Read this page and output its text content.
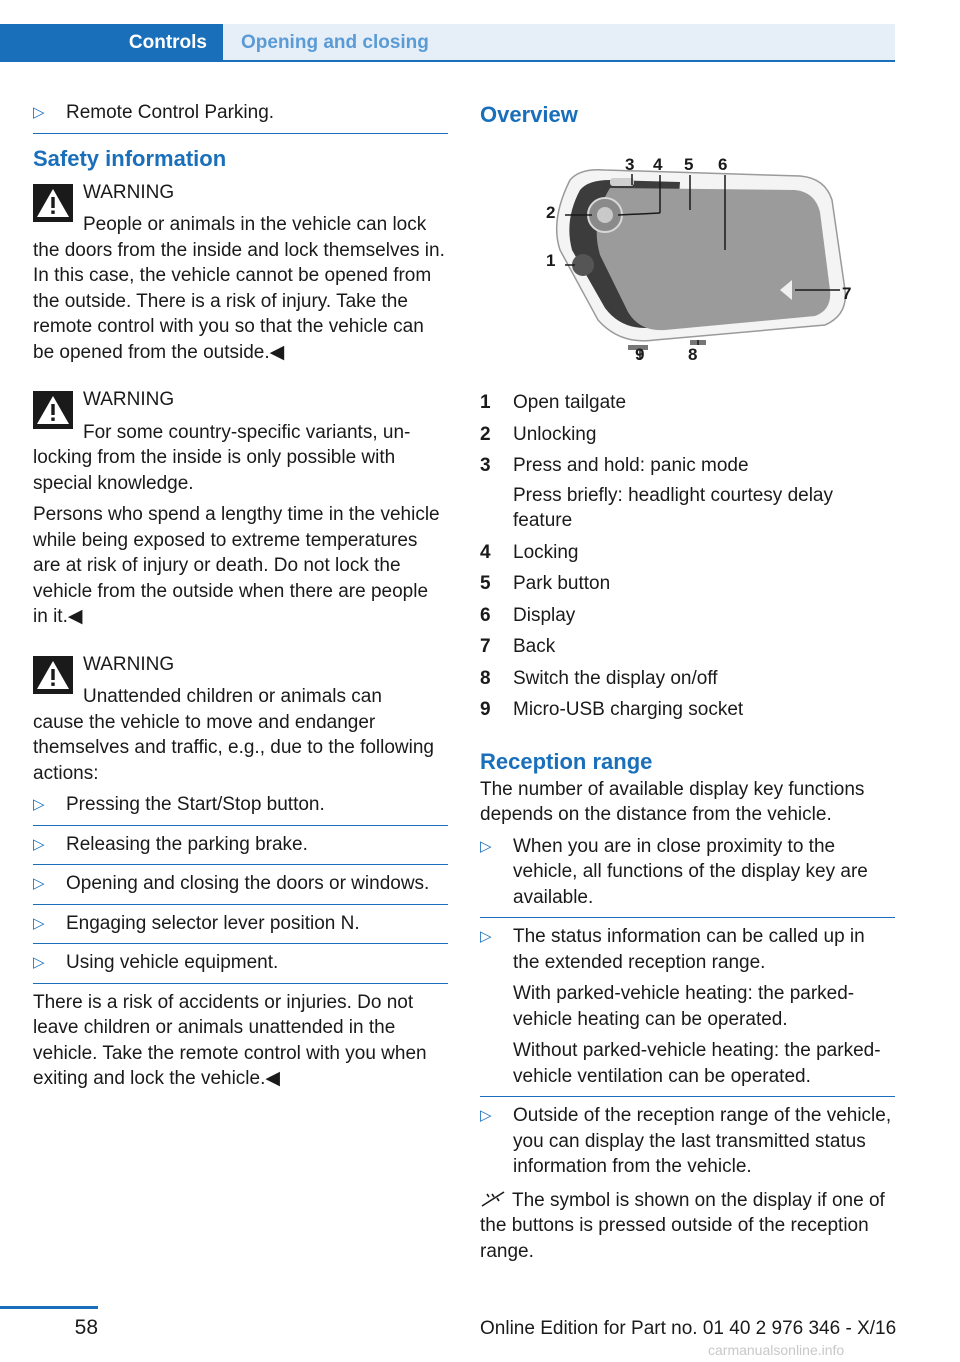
Controls Opening and closing
▷ Remote Control Parking.
Safety information
WARNING
People or animals in the vehicle can lock
the doors from the inside and lock themselves in. In this case, the vehicle cannot be opened from the outside. There is a risk of injury. Take the remote control with you so that the vehicle can be opened from the outside.◀
WARNING
For some country-specific variants, un-
locking from the inside is only possible with special knowledge.
Persons who spend a lengthy time in the vehicle while being exposed to extreme temperatures are at risk of injury or death. Do not lock the vehicle from the outside when there are people in it.◀
WARNING
Unattended children or animals can
cause the vehicle to move and endanger themselves and traffic, e.g., due to the following actions:
▷ Pressing the Start/Stop button.
▷ Releasing the parking brake.
▷ Opening and closing the doors or windows.
▷ Engaging selector lever position N.
▷ Using vehicle equipment.
There is a risk of accidents or injuries. Do not leave children or animals unattended in the vehicle. Take the remote control with you when exiting and lock the vehicle.◀
Overview
1
2
3 4 5 6
7
8
9
1	Open tailgate
2	Unlocking
3	Press and hold: panic mode
Press briefly: headlight courtesy delay feature
4	Locking
5	Park button
6	Display
7	Back
8	Switch the display on/off
9	Micro-USB charging socket
Reception range
The number of available display key functions depends on the distance from the vehicle.
▷ When you are in close proximity to the vehicle, all functions of the display key are available.
▷ The status information can be called up in the extended reception range.
With parked-vehicle heating: the parked-vehicle heating can be operated.
Without parked-vehicle heating: the parked-vehicle ventilation can be operated.
▷ Outside of the reception range of the vehicle, you can display the last transmitted status information from the vehicle.
The symbol is shown on the display if one of the buttons is pressed outside of the reception range.
58	Online Edition for Part no. 01 40 2 976 346 - X/16
carmanualsonline.info
